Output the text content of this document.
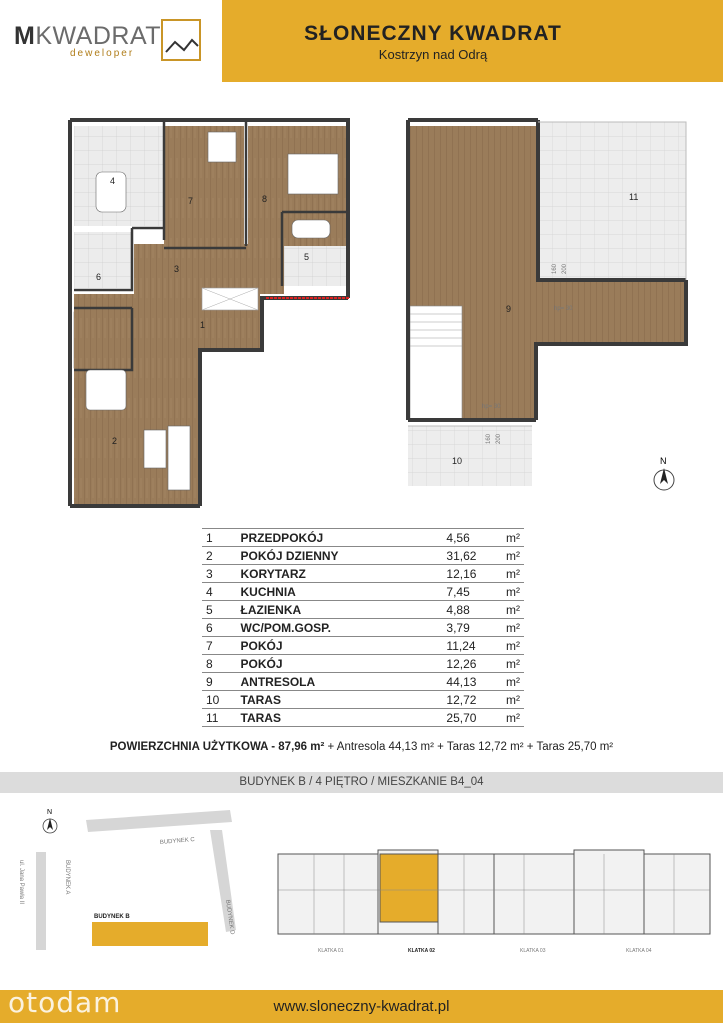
MKWADRAT
deweloper
SŁONECZNY KWADRAT
Kostrzyn nad Odrą
4
7	8
5
6
3
1
2
160 200
160 200
hp= 30
hp= 30
11
9
10	N
1	PRZEDPOKÓJ	4,56	m²
2	POKÓJ DZIENNY	31,62	m²
3	KORYTARZ	12,16	m²
4	KUCHNIA	7,45	m²
5	ŁAZIENKA	4,88	m²
6	WC/POM.GOSP.	3,79	m²
7	POKÓJ	11,24	m²
8	POKÓJ	12,26	m²
9	ANTRESOLA	44,13	m²
10	TARAS	12,72	m²
11	TARAS	25,70	m²
POWIERZCHNIA UŻYTKOWA - 87,96 m² + Antresola 44,13 m² + Taras 12,72 m² + Taras 25,70 m²
BUDYNEK B / 4 PIĘTRO / MIESZKANIE B4_04
BUDYNEK B
BUDYNEK A
BUDYNEK C
BUDYNEK D
ul. Jana Pawła II
N
KLATKA 01	KLATKA 02	KLATKA 03	KLATKA 04
www.sloneczny-kwadrat.pl
otodam
